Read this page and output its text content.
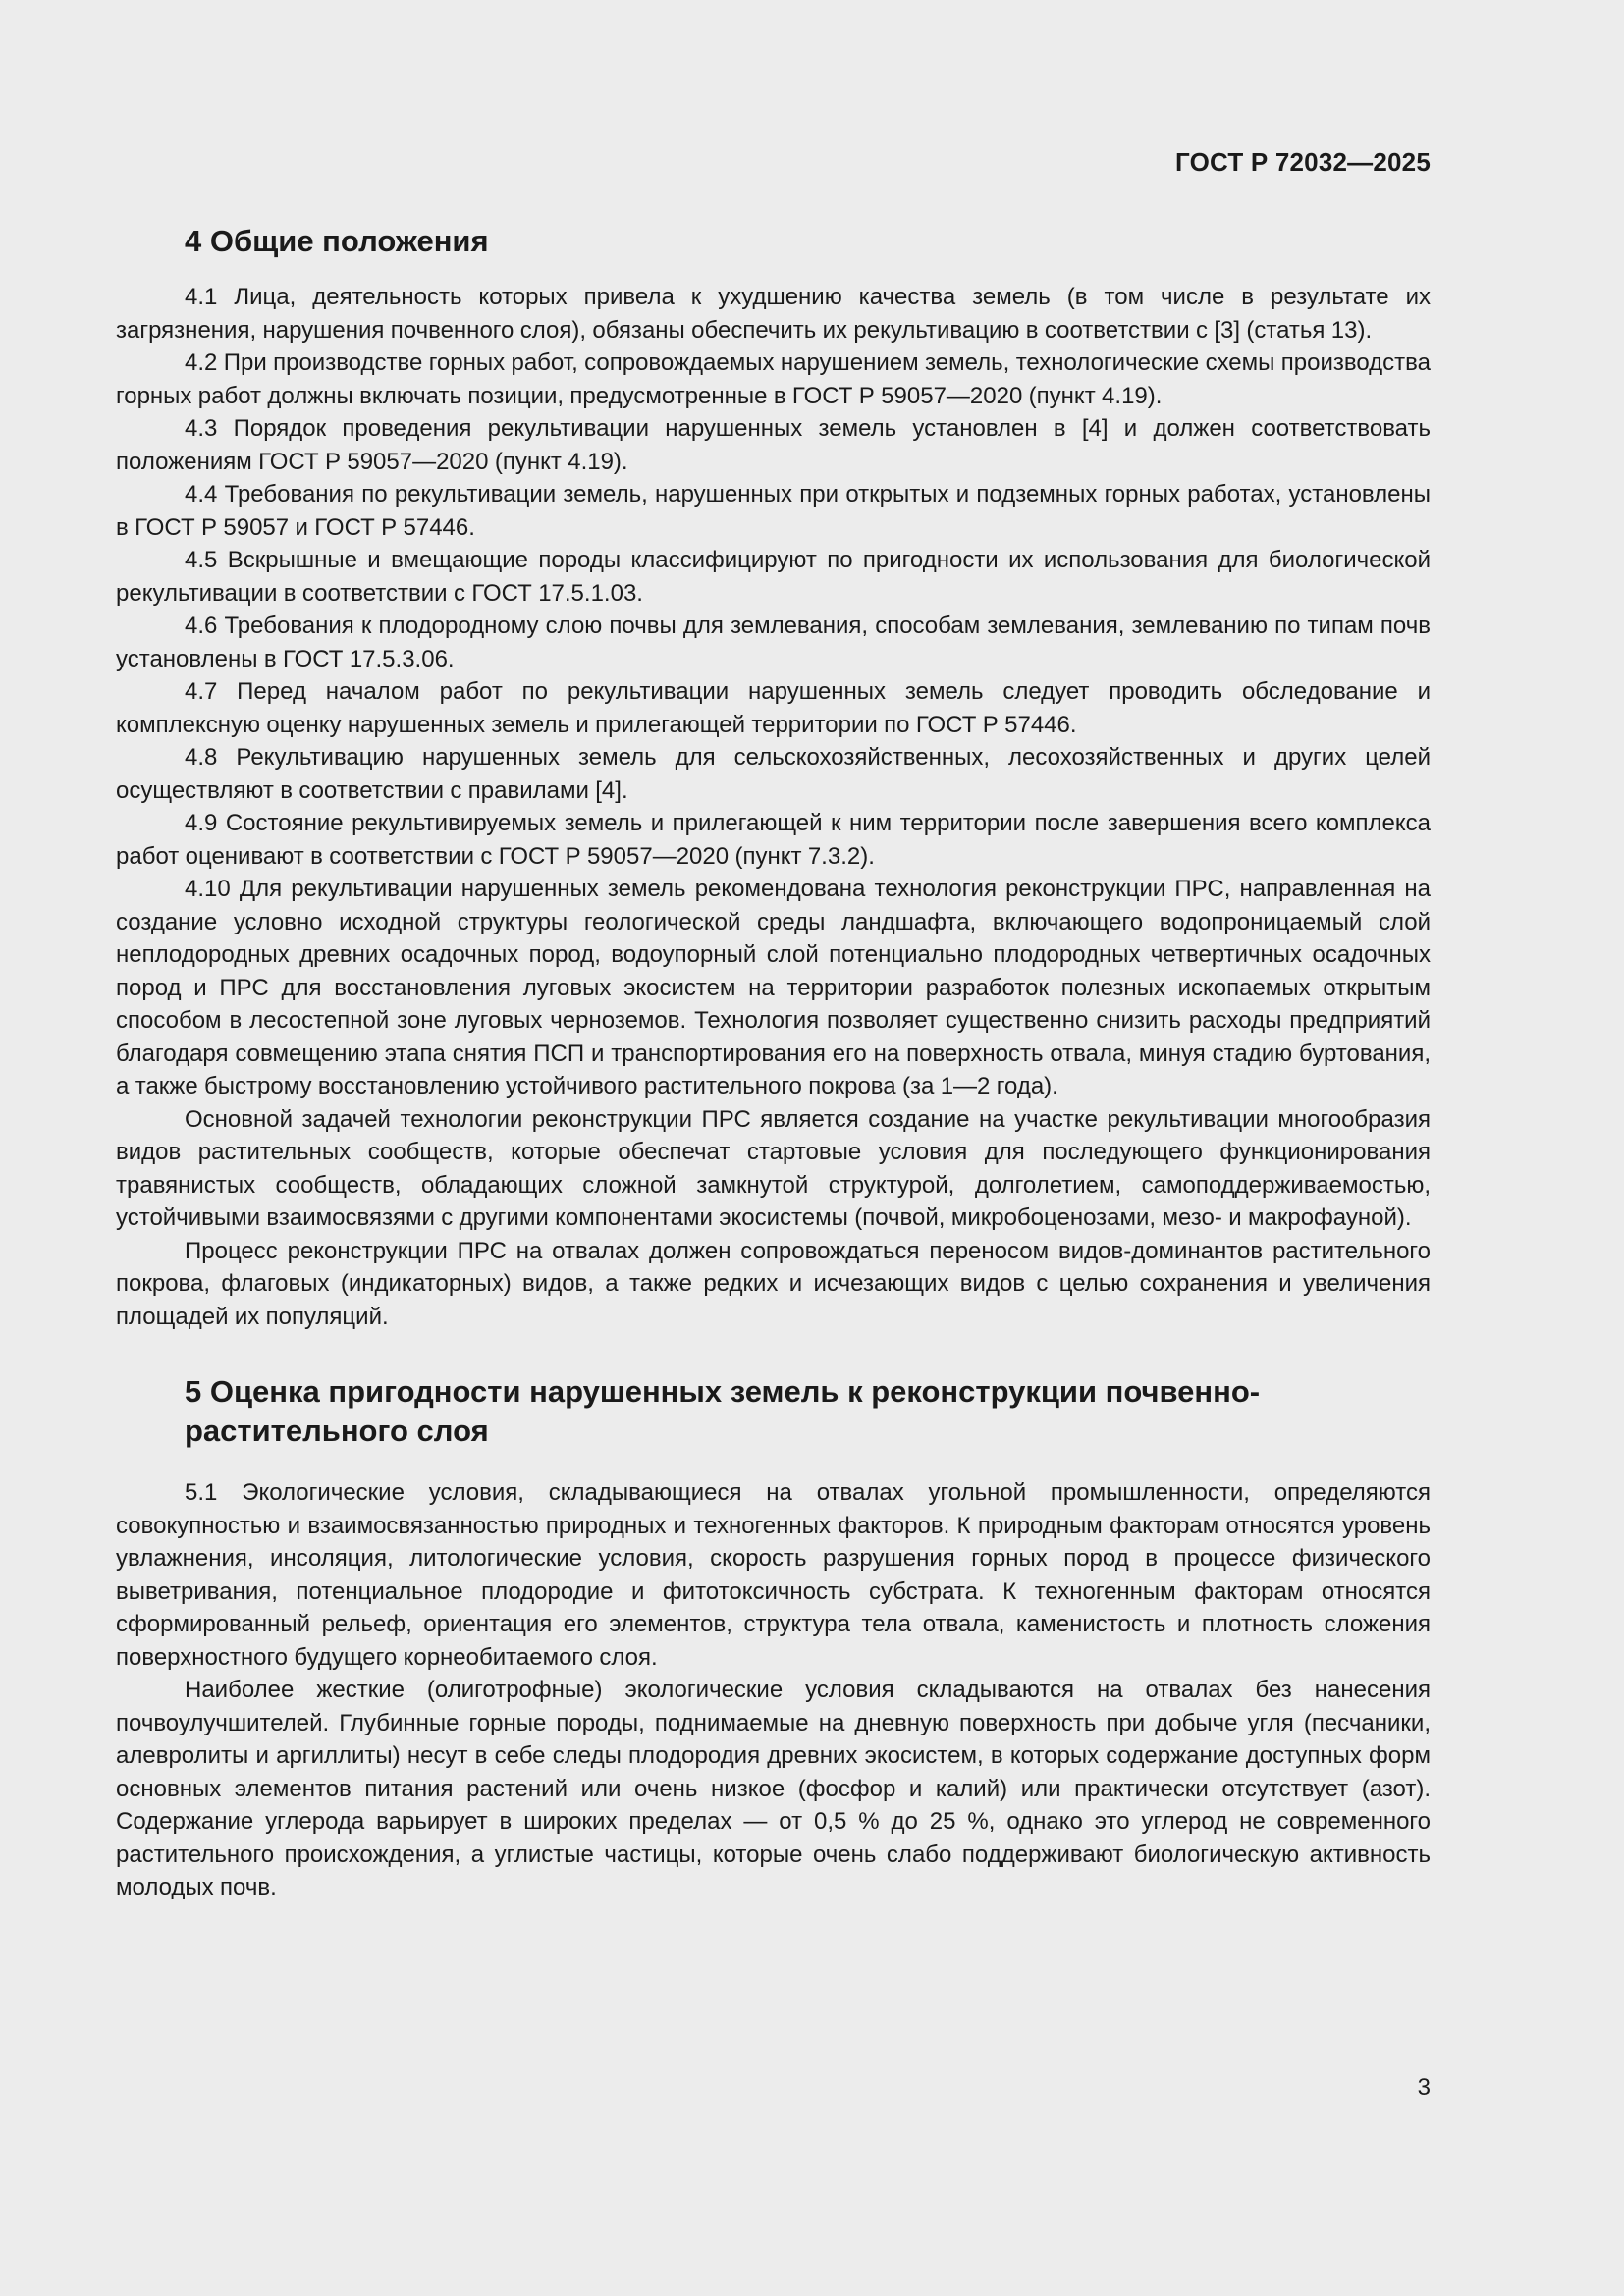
ГОСТ Р 72032—2025
4 Общие положения

4.1 Лица, деятельность которых привела к ухудшению качества земель (в том числе в результате их загрязнения, нарушения почвенного слоя), обязаны обеспечить их рекультивацию в соответствии с [3] (статья 13).

4.2 При производстве горных работ, сопровождаемых нарушением земель, технологические схемы производства горных работ должны включать позиции, предусмотренные в ГОСТ Р 59057—2020 (пункт 4.19).

4.3 Порядок проведения рекультивации нарушенных земель установлен в [4] и должен соответствовать положениям ГОСТ Р 59057—2020 (пункт 4.19).

4.4 Требования по рекультивации земель, нарушенных при открытых и подземных горных работах, установлены в ГОСТ Р 59057 и ГОСТ Р 57446.

4.5 Вскрышные и вмещающие породы классифицируют по пригодности их использования для биологической рекультивации в соответствии с ГОСТ 17.5.1.03.

4.6 Требования к плодородному слою почвы для землевания, способам землевания, землеванию по типам почв установлены в ГОСТ 17.5.3.06.

4.7 Перед началом работ по рекультивации нарушенных земель следует проводить обследование и комплексную оценку нарушенных земель и прилегающей территории по ГОСТ Р 57446.

4.8 Рекультивацию нарушенных земель для сельскохозяйственных, лесохозяйственных и других целей осуществляют в соответствии с правилами [4].

4.9 Состояние рекультивируемых земель и прилегающей к ним территории после завершения всего комплекса работ оценивают в соответствии с ГОСТ Р 59057—2020 (пункт 7.3.2).

4.10 Для рекультивации нарушенных земель рекомендована технология реконструкции ПРС, направленная на создание условно исходной структуры геологической среды ландшафта, включающего водопроницаемый слой неплодородных древних осадочных пород, водоупорный слой потенциально плодородных четвертичных осадочных пород и ПРС для восстановления луговых экосистем на территории разработок полезных ископаемых открытым способом в лесостепной зоне луговых черноземов. Технология позволяет существенно снизить расходы предприятий благодаря совмещению этапа снятия ПСП и транспортирования его на поверхность отвала, минуя стадию буртования, а также быстрому восстановлению устойчивого растительного покрова (за 1—2 года).

Основной задачей технологии реконструкции ПРС является создание на участке рекультивации многообразия видов растительных сообществ, которые обеспечат стартовые условия для последующего функционирования травянистых сообществ, обладающих сложной замкнутой структурой, долголетием, самоподдерживаемостью, устойчивыми взаимосвязями с другими компонентами экосистемы (почвой, микробоценозами, мезо- и макрофауной).

Процесс реконструкции ПРС на отвалах должен сопровождаться переносом видов-доминантов растительного покрова, флаговых (индикаторных) видов, а также редких и исчезающих видов с целью сохранения и увеличения площадей их популяций.

5 Оценка пригодности нарушенных земель к реконструкции почвенно-растительного слоя

5.1 Экологические условия, складывающиеся на отвалах угольной промышленности, определяются совокупностью и взаимосвязанностью природных и техногенных факторов. К природным факторам относятся уровень увлажнения, инсоляция, литологические условия, скорость разрушения горных пород в процессе физического выветривания, потенциальное плодородие и фитотоксичность субстрата. К техногенным факторам относятся сформированный рельеф, ориентация его элементов, структура тела отвала, каменистость и плотность сложения поверхностного будущего корнеобитаемого слоя.

Наиболее жесткие (олиготрофные) экологические условия складываются на отвалах без нанесения почвоулучшителей. Глубинные горные породы, поднимаемые на дневную поверхность при добыче угля (песчаники, алевролиты и аргиллиты) несут в себе следы плодородия древних экосистем, в которых содержание доступных форм основных элементов питания растений или очень низкое (фосфор и калий) или практически отсутствует (азот). Содержание углерода варьирует в широких пределах — от 0,5 % до 25 %, однако это углерод не современного растительного происхождения, а углистые частицы, которые очень слабо поддерживают биологическую активность молодых почв.

3
